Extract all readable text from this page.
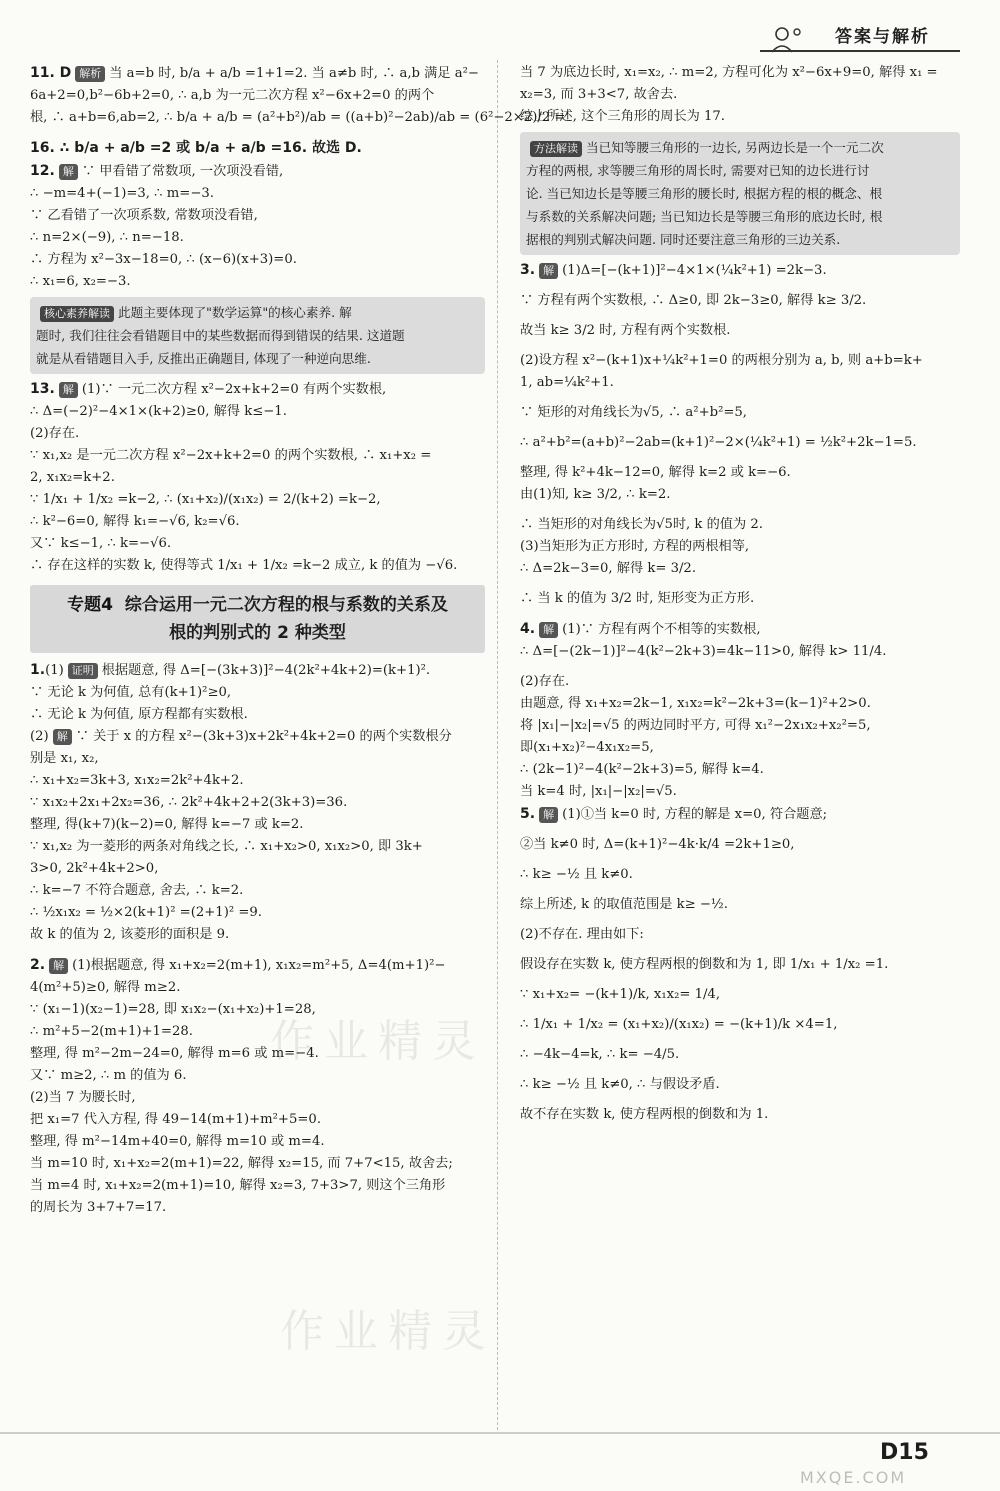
答案与解析
11. D 解析 当 a=b 时, b/a + a/b =1+1=2. 当 a≠b 时, ∴ a,b 满足 a²−
6a+2=0,b²−6b+2=0, ∴ a,b 为一元二次方程 x²−6x+2=0 的两个
根, ∴ a+b=6,ab=2, ∴ b/a + a/b = (a²+b²)/ab = ((a+b)²−2ab)/ab = (6²−2×2)/2 =
16. ∴ b/a + a/b =2 或 b/a + a/b =16. 故选 D.
12. 解 ∵ 甲看错了常数项, 一次项没看错,
∴ −m=4+(−1)=3, ∴ m=−3.
∵ 乙看错了一次项系数, 常数项没看错,
∴ n=2×(−9), ∴ n=−18.
∴ 方程为 x²−3x−18=0, ∴ (x−6)(x+3)=0.
∴ x₁=6, x₂=−3.
核心素养解读 此题主要体现了"数学运算"的核心素养. 解
题时, 我们往往会看错题目中的某些数据而得到错误的结果. 这道题
就是从看错题目入手, 反推出正确题目, 体现了一种逆向思维.
13. 解 (1)∵ 一元二次方程 x²−2x+k+2=0 有两个实数根,
∴ Δ=(−2)²−4×1×(k+2)≥0, 解得 k≤−1.
(2)存在.
∵ x₁,x₂ 是一元二次方程 x²−2x+k+2=0 的两个实数根, ∴ x₁+x₂ =
2, x₁x₂=k+2.
∵ 1/x₁ + 1/x₂ =k−2, ∴ (x₁+x₂)/(x₁x₂) = 2/(k+2) =k−2,
∴ k²−6=0, 解得 k₁=−√6, k₂=√6.
又∵ k≤−1, ∴ k=−√6.
∴ 存在这样的实数 k, 使得等式 1/x₁ + 1/x₂ =k−2 成立, k 的值为 −√6.
专题4 综合运用一元二次方程的根与系数的关系及
根的判别式的 2 种类型
1.(1) 证明 根据题意, 得 Δ=[−(3k+3)]²−4(2k²+4k+2)=(k+1)².
∵ 无论 k 为何值, 总有(k+1)²≥0,
∴ 无论 k 为何值, 原方程都有实数根.
(2) 解 ∵ 关于 x 的方程 x²−(3k+3)x+2k²+4k+2=0 的两个实数根分
别是 x₁, x₂,
∴ x₁+x₂=3k+3, x₁x₂=2k²+4k+2.
∵ x₁x₂+2x₁+2x₂=36, ∴ 2k²+4k+2+2(3k+3)=36.
整理, 得(k+7)(k−2)=0, 解得 k=−7 或 k=2.
∵ x₁,x₂ 为一菱形的两条对角线之长, ∴ x₁+x₂>0, x₁x₂>0, 即 3k+
3>0, 2k²+4k+2>0,
∴ k=−7 不符合题意, 舍去, ∴ k=2.
∴ ½x₁x₂ = ½×2(k+1)² =(2+1)² =9.
故 k 的值为 2, 该菱形的面积是 9.
2. 解 (1)根据题意, 得 x₁+x₂=2(m+1), x₁x₂=m²+5, Δ=4(m+1)²−
4(m²+5)≥0, 解得 m≥2.
∵ (x₁−1)(x₂−1)=28, 即 x₁x₂−(x₁+x₂)+1=28,
∴ m²+5−2(m+1)+1=28.
整理, 得 m²−2m−24=0, 解得 m=6 或 m=−4.
又∵ m≥2, ∴ m 的值为 6.
(2)当 7 为腰长时,
把 x₁=7 代入方程, 得 49−14(m+1)+m²+5=0.
整理, 得 m²−14m+40=0, 解得 m=10 或 m=4.
当 m=10 时, x₁+x₂=2(m+1)=22, 解得 x₂=15, 而 7+7<15, 故舍去;
当 m=4 时, x₁+x₂=2(m+1)=10, 解得 x₂=3, 7+3>7, 则这个三角形
的周长为 3+7+7=17.
当 7 为底边长时, x₁=x₂, ∴ m=2, 方程可化为 x²−6x+9=0, 解得 x₁ =
x₂=3, 而 3+3<7, 故舍去.
综上所述, 这个三角形的周长为 17.
方法解读 当已知等腰三角形的一边长, 另两边长是一个一元二次
方程的两根, 求等腰三角形的周长时, 需要对已知的边长进行讨
论. 当已知边长是等腰三角形的腰长时, 根据方程的根的概念、根
与系数的关系解决问题; 当已知边长是等腰三角形的底边长时, 根
据根的判别式解决问题. 同时还要注意三角形的三边关系.
3. 解 (1)Δ=[−(k+1)]²−4×1×(¼k²+1) =2k−3.
∵ 方程有两个实数根, ∴ Δ≥0, 即 2k−3≥0, 解得 k≥ 3/2.
故当 k≥ 3/2 时, 方程有两个实数根.
(2)设方程 x²−(k+1)x+¼k²+1=0 的两根分别为 a, b, 则 a+b=k+
1, ab=¼k²+1.
∵ 矩形的对角线长为√5, ∴ a²+b²=5,
∴ a²+b²=(a+b)²−2ab=(k+1)²−2×(¼k²+1) = ½k²+2k−1=5.
整理, 得 k²+4k−12=0, 解得 k=2 或 k=−6.
由(1)知, k≥ 3/2, ∴ k=2.
∴ 当矩形的对角线长为√5时, k 的值为 2.
(3)当矩形为正方形时, 方程的两根相等,
∴ Δ=2k−3=0, 解得 k= 3/2.
∴ 当 k 的值为 3/2 时, 矩形变为正方形.
4. 解 (1)∵ 方程有两个不相等的实数根,
∴ Δ=[−(2k−1)]²−4(k²−2k+3)=4k−11>0, 解得 k> 11/4.
(2)存在.
由题意, 得 x₁+x₂=2k−1, x₁x₂=k²−2k+3=(k−1)²+2>0.
将 |x₁|−|x₂|=√5 的两边同时平方, 可得 x₁²−2x₁x₂+x₂²=5,
即(x₁+x₂)²−4x₁x₂=5,
∴ (2k−1)²−4(k²−2k+3)=5, 解得 k=4.
当 k=4 时, |x₁|−|x₂|=√5.
5. 解 (1)①当 k=0 时, 方程的解是 x=0, 符合题意;
②当 k≠0 时, Δ=(k+1)²−4k·k/4 =2k+1≥0,
∴ k≥ −½ 且 k≠0.
综上所述, k 的取值范围是 k≥ −½.
(2)不存在. 理由如下:
假设存在实数 k, 使方程两根的倒数和为 1, 即 1/x₁ + 1/x₂ =1.
∵ x₁+x₂= −(k+1)/k, x₁x₂= 1/4,
∴ 1/x₁ + 1/x₂ = (x₁+x₂)/(x₁x₂) = −(k+1)/k ×4=1,
∴ −4k−4=k, ∴ k= −4/5.
∴ k≥ −½ 且 k≠0, ∴ 与假设矛盾.
故不存在实数 k, 使方程两根的倒数和为 1.
作业精灵
作业精灵
D15
MXQE.COM
